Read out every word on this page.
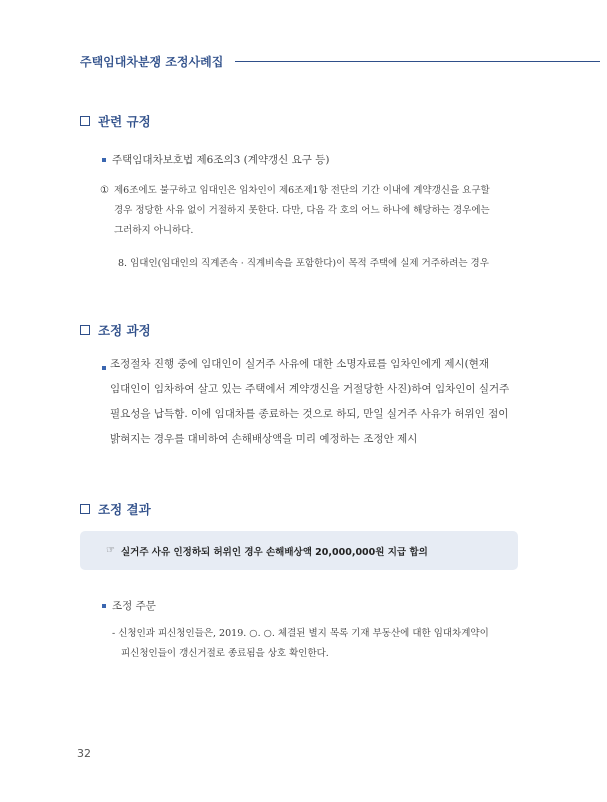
주택임대차분쟁 조정사례집
관련 규정
주택임대차보호법 제6조의3 (계약갱신 요구 등)
① 제6조에도 불구하고 임대인은 임차인이 제6조제1항 전단의 기간 이내에 계약갱신을 요구할
경우 정당한 사유 없이 거절하지 못한다. 다만, 다음 각 호의 어느 하나에 해당하는 경우에는
그러하지 아니하다.
8. 임대인(임대인의 직계존속 · 직계비속을 포함한다)이 목적 주택에 실제 거주하려는 경우
조정 과정
조정절차 진행 중에 임대인이 실거주 사유에 대한 소명자료를 임차인에게 제시(현재
임대인이 임차하여 살고 있는 주택에서 계약갱신을 거절당한 사진)하여 임차인이 실거주
필요성을 납득함. 이에 임대차를 종료하는 것으로 하되, 만일 실거주 사유가 허위인 점이
밝혀지는 경우를 대비하여 손해배상액을 미리 예정하는 조정안 제시
조정 결과
☞ 실거주 사유 인정하되 허위인 경우 손해배상액 20,000,000원 지급 합의
조정 주문
- 신청인과 피신청인들은, 2019. ○. ○. 체결된 별지 목록 기재 부동산에 대한 임대차계약이
피신청인들이 갱신거절로 종료됨을 상호 확인한다.
32
